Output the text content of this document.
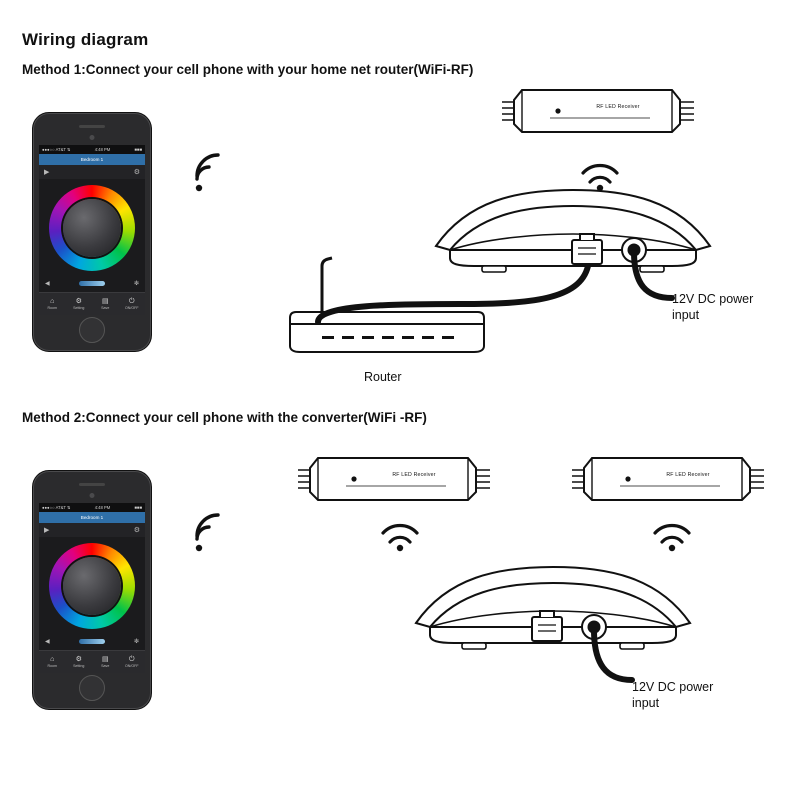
Wiring diagram
Method 1:Connect your cell phone with your home net router(WiFi-RF)
Method 2:Connect your cell phone with the converter(WiFi -RF)
●●●○○ AT&T ⇅	4:48 PM	■■■
Bedroom 1
▶	⚙
◀	❇
⌂
Room
⚙
Setting
▤
Save
⏻
ON/OFF
RF LED Receiver
Router
12V DC power
input
●●●○○ AT&T ⇅	4:48 PM	■■■
Bedroom 1
▶	⚙
◀	❇
⌂
Room
⚙
Setting
▤
Save
⏻
ON/OFF
RF LED Receiver	RF LED Receiver
12V DC power
input
